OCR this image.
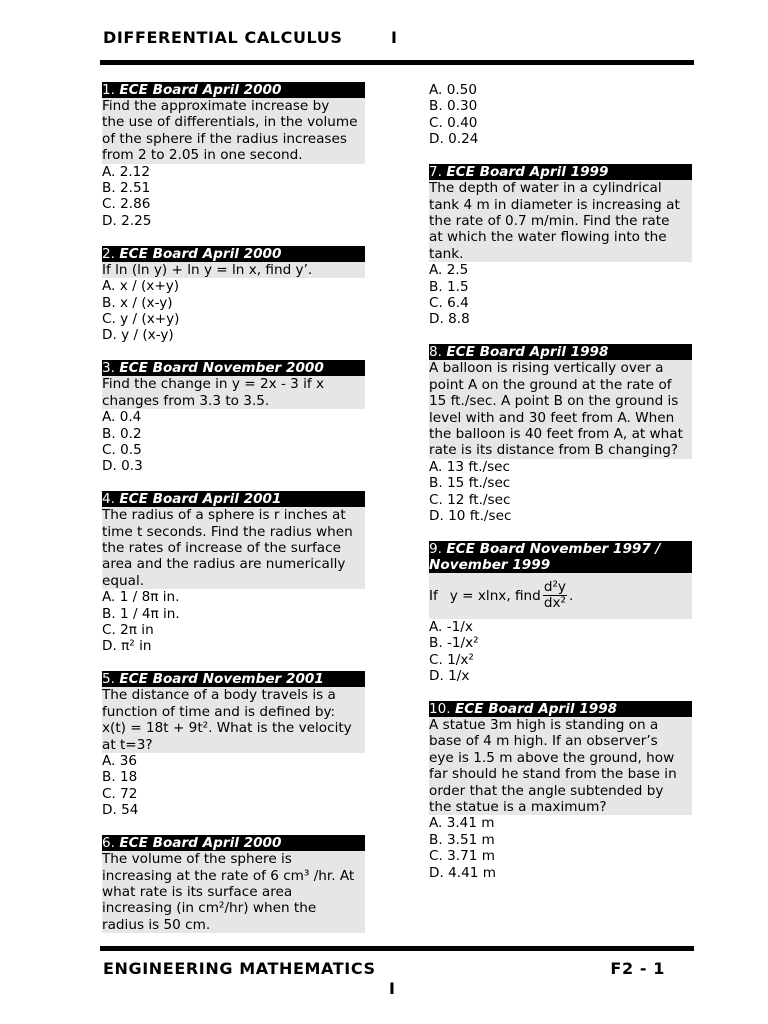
DIFFERENTIAL CALCULUS	I
1. ECE Board April 2000
Find the approximate increase by
the use of differentials, in the volume
of the sphere if the radius increases
from 2 to 2.05 in one second.
A. 2.12
B. 2.51
C. 2.86
D. 2.25
2. ECE Board April 2000
If ln (ln y) + ln y = ln x, find y’.
A. x / (x+y)
B. x / (x-y)
C. y / (x+y)
D. y / (x-y)
3. ECE Board November 2000
Find the change in y = 2x - 3 if x
changes from 3.3 to 3.5.
A. 0.4
B. 0.2
C. 0.5
D. 0.3
4. ECE Board April 2001
The radius of a sphere is r inches at
time t seconds. Find the radius when
the rates of increase of the surface
area and the radius are numerically
equal.
A. 1 / 8π in.
B. 1 / 4π in.
C. 2π in
D. π² in
5. ECE Board November 2001
The distance of a body travels is a
function of time and is defined by:
x(t) = 18t + 9t². What is the velocity
at t=3?
A. 36
B. 18
C. 72
D. 54
6. ECE Board April 2000
The volume of the sphere is
increasing at the rate of 6 cm³ /hr. At
what rate is its surface area
increasing (in cm²/hr) when the
radius is 50 cm.
A. 0.50
B. 0.30
C. 0.40
D. 0.24
7. ECE Board April 1999
The depth of water in a cylindrical
tank 4 m in diameter is increasing at
the rate of 0.7 m/min. Find the rate
at which the water flowing into the
tank.
A. 2.5
B. 1.5
C. 6.4
D. 8.8
8. ECE Board April 1998
A balloon is rising vertically over a
point A on the ground at the rate of
15 ft./sec. A point B on the ground is
level with and 30 feet from A. When
the balloon is 40 feet from A, at what
rate is its distance from B changing?
A. 13 ft./sec
B. 15 ft./sec
C. 12 ft./sec
D. 10 ft./sec
9. ECE Board November 1997 /
November 1999
If y = xlnx, find $\frac{\text{d²y}}{\text{dx²}}$ .
A. -1/x
B. -1/x²
C. 1/x²
D. 1/x
10. ECE Board April 1998
A statue 3m high is standing on a
base of 4 m high. If an observer’s
eye is 1.5 m above the ground, how
far should he stand from the base in
order that the angle subtended by
the statue is a maximum?
A. 3.41 m
B. 3.51 m
C. 3.71 m
D. 4.41 m
ENGINEERING MATHEMATICS	F2 - 1
I
